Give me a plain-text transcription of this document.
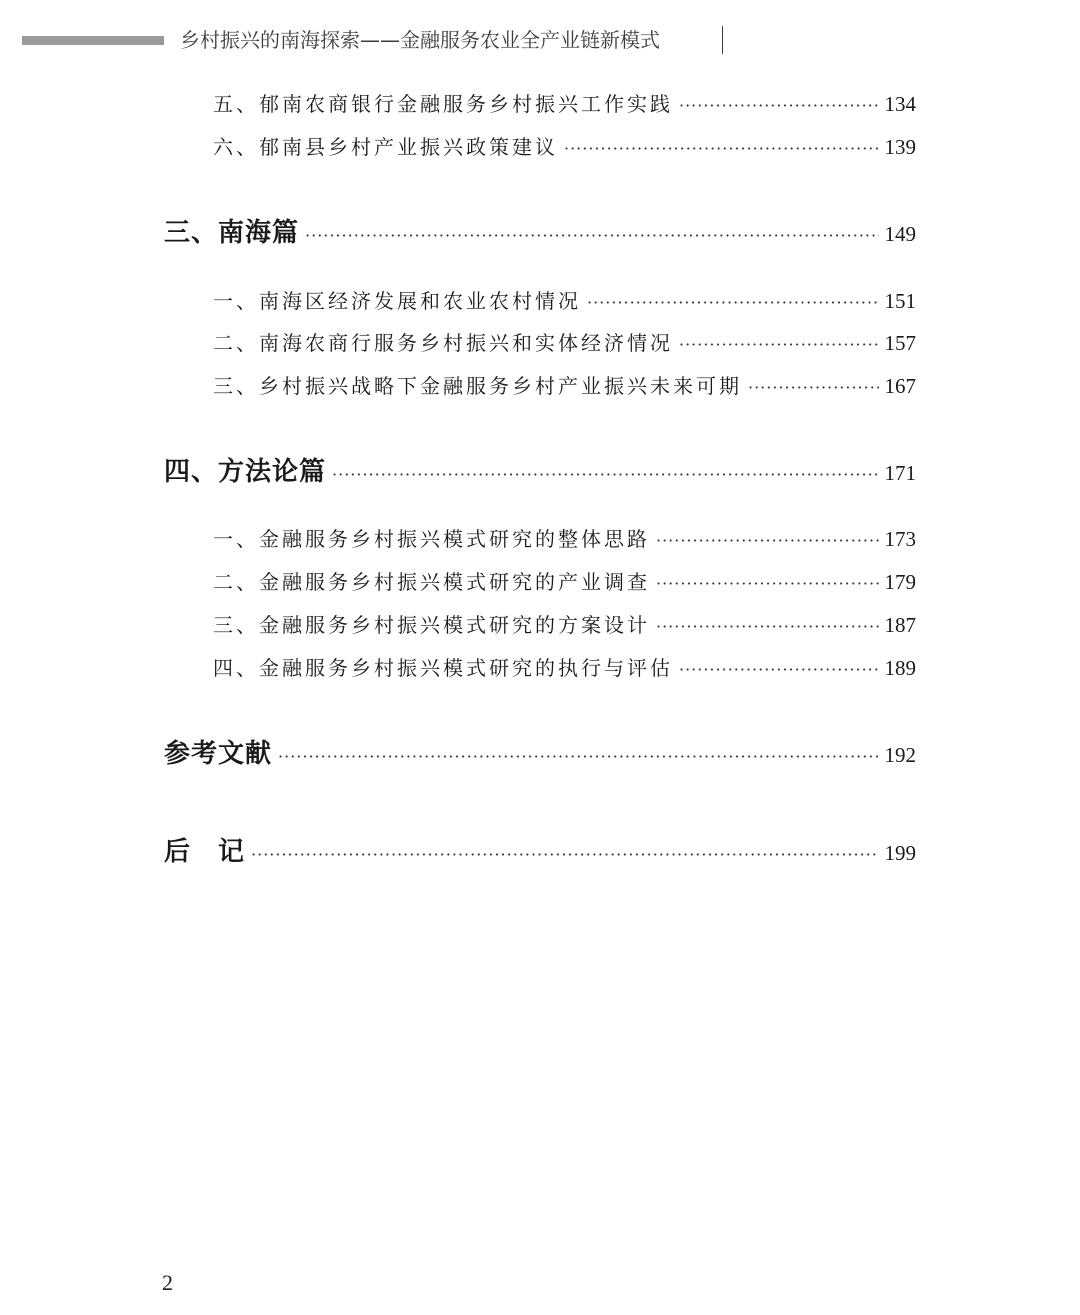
乡村振兴的南海探索——金融服务农业全产业链新模式
五、郁南农商银行金融服务乡村振兴工作实践 ·····	134
六、郁南县乡村产业振兴政策建议 ·····	139
三、南海篇 ·····	149
一、南海区经济发展和农业农村情况 ·····	151
二、南海农商行服务乡村振兴和实体经济情况 ·····	157
三、乡村振兴战略下金融服务乡村产业振兴未来可期 ·····	167
四、方法论篇 ·····	171
一、金融服务乡村振兴模式研究的整体思路 ·····	173
二、金融服务乡村振兴模式研究的产业调查 ·····	179
三、金融服务乡村振兴模式研究的方案设计 ·····	187
四、金融服务乡村振兴模式研究的执行与评估 ·····	189
参考文献 ·····	192
后　记 ·····	199
2
